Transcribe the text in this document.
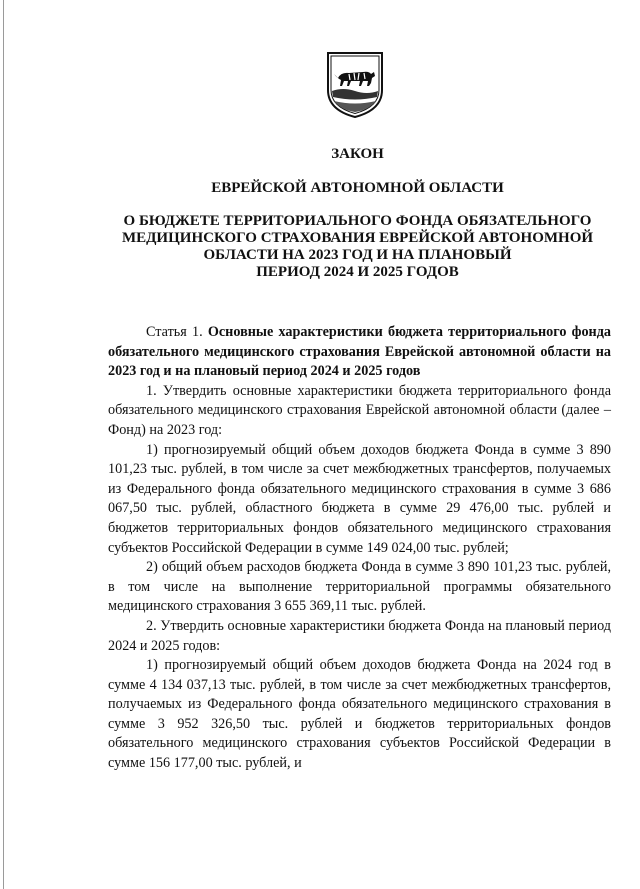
ЗАКОН
ЕВРЕЙСКОЙ АВТОНОМНОЙ ОБЛАСТИ
О БЮДЖЕТЕ ТЕРРИТОРИАЛЬНОГО ФОНДА ОБЯЗАТЕЛЬНОГО
МЕДИЦИНСКОГО СТРАХОВАНИЯ ЕВРЕЙСКОЙ АВТОНОМНОЙ
ОБЛАСТИ НА 2023 ГОД И НА ПЛАНОВЫЙ
ПЕРИОД 2024 И 2025 ГОДОВ

Статья 1. Основные характеристики бюджета территориального фонда обязательного медицинского страхования Еврейской автономной области на 2023 год и на плановый период 2024 и 2025 годов

1. Утвердить основные характеристики бюджета территориального фонда обязательного медицинского страхования Еврейской автономной области (далее – Фонд) на 2023 год:

1) прогнозируемый общий объем доходов бюджета Фонда в сумме 3 890 101,23 тыс. рублей, в том числе за счет межбюджетных трансфертов, получаемых из Федерального фонда обязательного медицинского страхования в сумме 3 686 067,50 тыс. рублей, областного бюджета в сумме 29 476,00 тыс. рублей и бюджетов территориальных фондов обязательного медицинского страхования субъектов Российской Федерации в сумме 149 024,00 тыс. рублей;

2) общий объем расходов бюджета Фонда в сумме 3 890 101,23 тыс. рублей, в том числе на выполнение территориальной программы обязательного медицинского страхования 3 655 369,11 тыс. рублей.

2. Утвердить основные характеристики бюджета Фонда на плановый период 2024 и 2025 годов:

1) прогнозируемый общий объем доходов бюджета Фонда на 2024 год в сумме 4 134 037,13 тыс. рублей, в том числе за счет межбюджетных трансфертов, получаемых из Федерального фонда обязательного медицинского страхования в сумме 3 952 326,50 тыс. рублей и бюджетов территориальных фондов обязательного медицинского страхования субъектов Российской Федерации в сумме 156 177,00 тыс. рублей, и
